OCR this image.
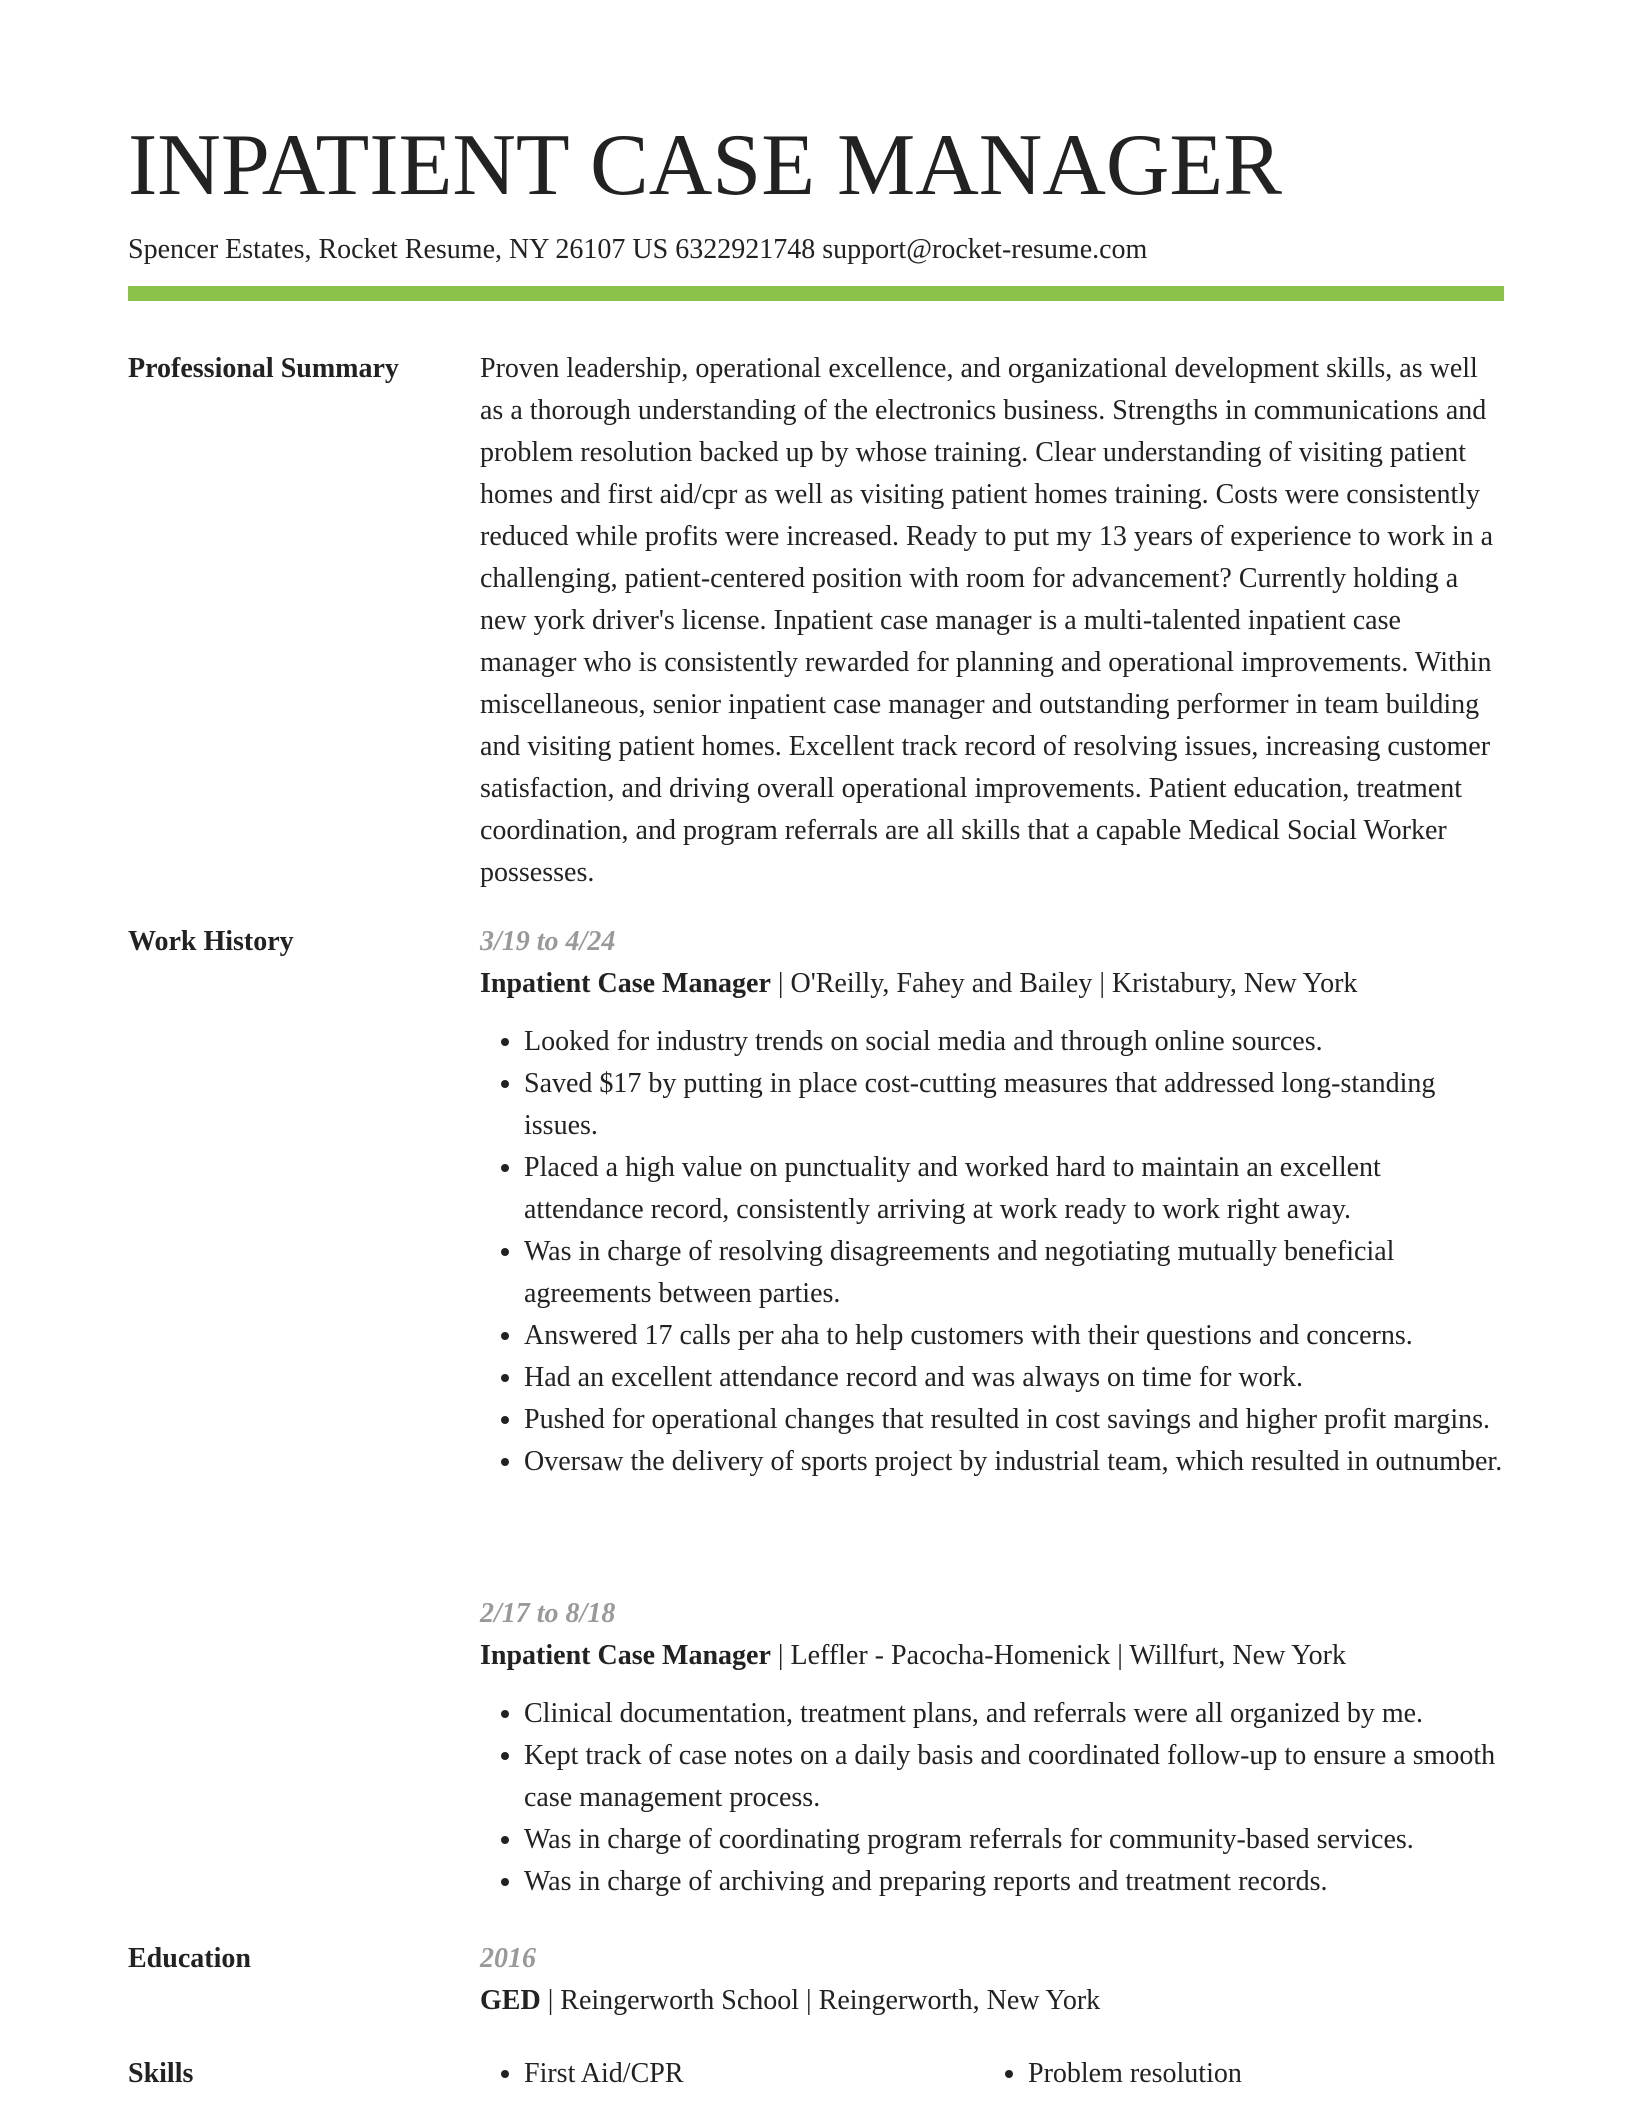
INPATIENT CASE MANAGER

Spencer Estates, Rocket Resume, NY 26107 US 6322921748 support@rocket-resume.com

Professional Summary	Proven leadership, operational excellence, and organizational development skills, as well as a thorough understanding of the electronics business. Strengths in communications and problem resolution backed up by whose training. Clear understanding of visiting patient homes and first aid/cpr as well as visiting patient homes training. Costs were consistently reduced while profits were increased. Ready to put my 13 years of experience to work in a challenging, patient-centered position with room for advancement? Currently holding a new york driver's license. Inpatient case manager is a multi-talented inpatient case manager who is consistently rewarded for planning and operational improvements. Within miscellaneous, senior inpatient case manager and outstanding performer in team building and visiting patient homes. Excellent track record of resolving issues, increasing customer satisfaction, and driving overall operational improvements. Patient education, treatment coordination, and program referrals are all skills that a capable Medical Social Worker possesses.

Work History	3/19 to 4/24

Inpatient Case Manager | O'Reilly, Fahey and Bailey | Kristabury, New York

• Looked for industry trends on social media and through online sources.
• Saved $17 by putting in place cost-cutting measures that addressed long-standing issues.
• Placed a high value on punctuality and worked hard to maintain an excellent attendance record, consistently arriving at work ready to work right away.
• Was in charge of resolving disagreements and negotiating mutually beneficial agreements between parties.
• Answered 17 calls per aha to help customers with their questions and concerns.
• Had an excellent attendance record and was always on time for work.
• Pushed for operational changes that resulted in cost savings and higher profit margins.
• Oversaw the delivery of sports project by industrial team, which resulted in outnumber.

2/17 to 8/18

Inpatient Case Manager | Leffler - Pacocha-Homenick | Willfurt, New York

• Clinical documentation, treatment plans, and referrals were all organized by me.
• Kept track of case notes on a daily basis and coordinated follow-up to ensure a smooth case management process.
• Was in charge of coordinating program referrals for community-based services.
• Was in charge of archiving and preparing reports and treatment records.
Education	2016

GED | Reingerworth School | Reingerworth, New York

Skills	• First Aid/CPR	• Problem resolution
